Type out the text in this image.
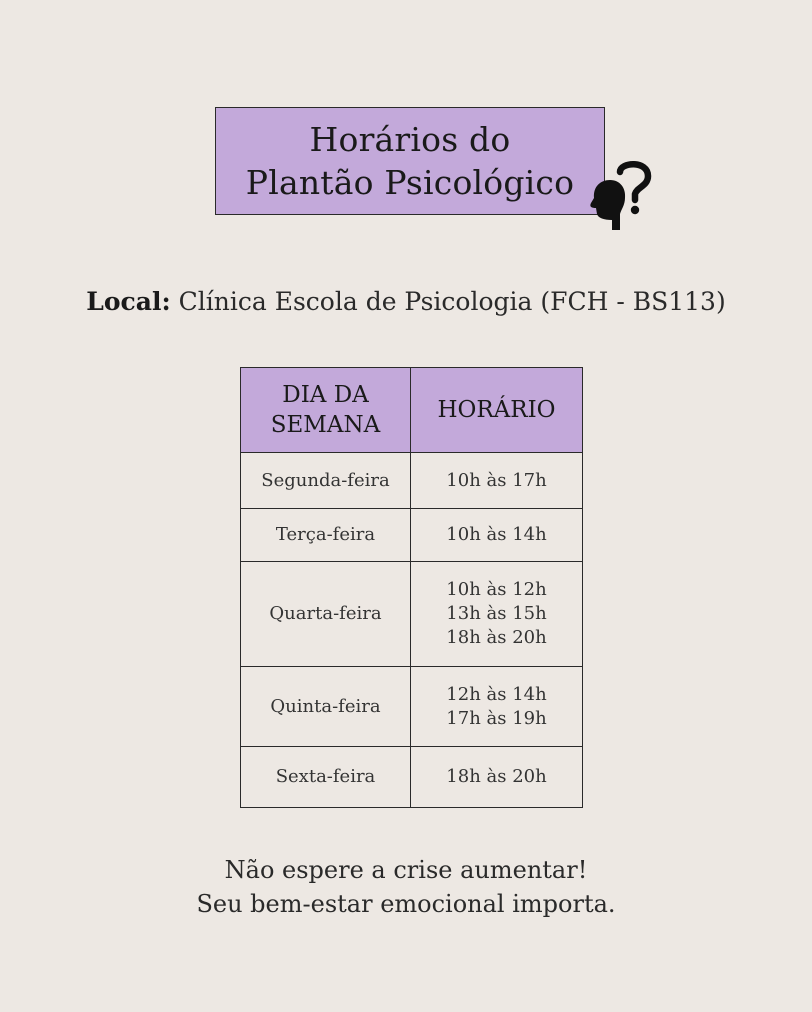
Horários do
Plantão Psicológico
Local: Clínica Escola de Psicologia (FCH - BS113)
DIA DA
SEMANA	HORÁRIO
Segunda-feira	10h às 17h

Terça-feira	10h às 14h

Quarta-feira	10h às 12h
13h às 15h
18h às 20h

Quinta-feira	12h às 14h
17h às 19h

Sexta-feira	18h às 20h
Não espere a crise aumentar!
Seu bem-estar emocional importa.
